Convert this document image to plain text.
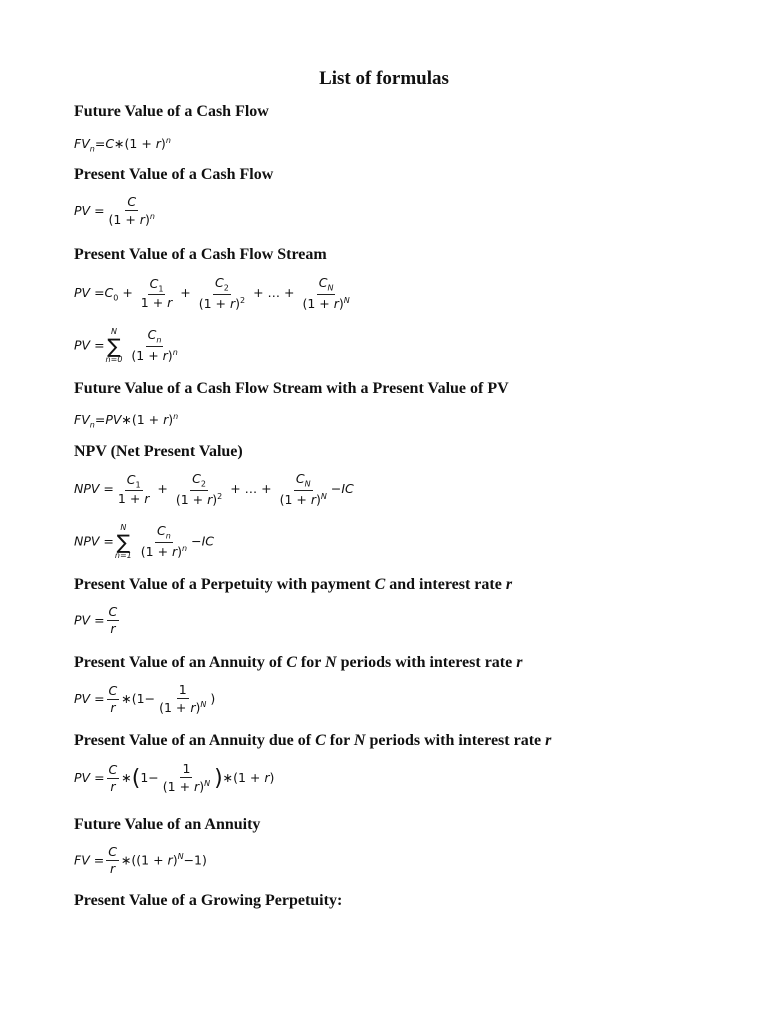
List of formulas
Future Value of a Cash Flow
$FV_n=C∗(1 + r)^n$
Present Value of a Cash Flow
PV = $\frac{C}{(1 + r)^n}$
Present Value of a Cash Flow Stream
PV $=C_0 + \frac{C_1}{1 + r} + \frac{C_2}{(1 + r)^2}$ + … + $\frac{C_N}{(1 + r)^N}$
PV =
N
∑
n=0
$\frac{C_n}{(1 + r)^n}$
Future Value of a Cash Flow Stream with a Present Value of PV
$FV_n=PV∗(1 + r)^n$
NPV (Net Present Value)
NPV = $\frac{C_1}{1 + r} + \frac{C_2}{(1 + r)^2}$ + … + $\frac{C_N}{(1 + r)^N} -IC$
NPV =
N
∑
n=1
$\frac{C_n}{(1 + r)^n} -IC$
Present Value of a Perpetuity with payment C and interest rate r
PV = $\frac{C}{r}$
Present Value of an Annuity of C for N periods with interest rate r
PV = $\frac{C}{r}$ ∗(1− $\frac{1}{(1 + r)^N}$ )
Present Value of an Annuity due of C for N periods with interest rate r
PV = $\frac{C}{r}$ ∗(1− $\frac{1}{(1 + r)^N}$ )∗(1 + r)
Future Value of an Annuity
FV = $\frac{C}{r}$ ∗((1 + r)$^N$−1)
Present Value of a Growing Perpetuity:
